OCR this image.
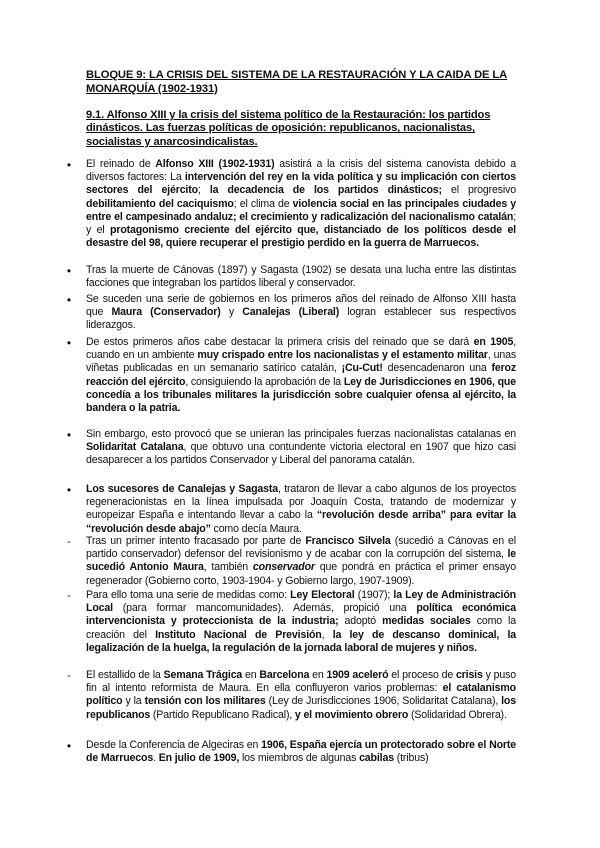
BLOQUE 9: LA CRISIS DEL SISTEMA DE LA RESTAURACIÓN Y LA CAIDA DE LA MONARQUÍA (1902-1931)
9.1. Alfonso XIII y la crisis del sistema político de la Restauración: los partidos dinásticos. Las fuerzas políticas de oposición: republicanos, nacionalistas, socialistas y anarcosindicalistas.
•	El reinado de Alfonso XIII (1902-1931) asistirá a la crisis del sistema canovista debido a diversos factores: La intervención del rey en la vida política y su implicación con ciertos sectores del ejército; la decadencia de los partidos dinásticos; el progresivo debilitamiento del caciquismo; el clima de violencia social en las principales ciudades y entre el campesinado andaluz; el crecimiento y radicalización del nacionalismo catalán; y el protagonismo creciente del ejército que, distanciado de los políticos desde el desastre del 98, quiere recuperar el prestigio perdido en la guerra de Marruecos.
•	Tras la muerte de Cánovas (1897) y Sagasta (1902) se desata una lucha entre las distintas facciones que integraban los partidos liberal y conservador.
•	Se suceden una serie de gobiernos en los primeros años del reinado de Alfonso XIII hasta que Maura (Conservador) y Canalejas (Liberal) logran establecer sus respectivos liderazgos.
•	De estos primeros años cabe destacar la primera crisis del reinado que se dará en 1905, cuando en un ambiente muy crispado entre los nacionalistas y el estamento militar, unas viñetas publicadas en un semanario satírico catalán, ¡Cu-Cut! desencadenaron una feroz reacción del ejército, consiguiendo la aprobación de la Ley de Jurisdicciones en 1906, que concedía a los tribunales militares la jurisdicción sobre cualquier ofensa al ejército, la bandera o la patria.
•	Sin embargo, esto provocó que se unieran las principales fuerzas nacionalistas catalanas en Solidaritat Catalana, que obtuvo una contundente victoria electoral en 1907 que hizo casi desaparecer a los partidos Conservador y Liberal del panorama catalán.
•	Los sucesores de Canalejas y Sagasta, trataron de llevar a cabo algunos de los proyectos regeneracionistas en la línea impulsada por Joaquín Costa, tratando de modernizar y europeizar España e intentando llevar a cabo la “revolución desde arriba” para evitar la “revolución desde abajo” como decía Maura.
-	Tras un primer intento fracasado por parte de Francisco Silvela (sucedió a Cánovas en el partido conservador) defensor del revisionismo y de acabar con la corrupción del sistema, le sucedió Antonio Maura, también conservador que pondrá en práctica el primer ensayo regenerador (Gobierno corto, 1903-1904- y Gobierno largo, 1907-1909).
-	Para ello toma una serie de medidas como: Ley Electoral (1907); la Ley de Administración Local (para formar mancomunidades). Además, propició una política económica intervencionista y proteccionista de la industria; adoptó medidas sociales como la creación del Instituto Nacional de Previsión, la ley de descanso dominical, la legalización de la huelga, la regulación de la jornada laboral de mujeres y niños.
-	El estallido de la Semana Trágica en Barcelona en 1909 aceleró el proceso de crisis y puso fin al intento reformista de Maura. En ella confluyeron varios problemas: el catalanismo político y la tensión con los militares (Ley de Jurisdicciones 1906, Solidaritat Catalana), los republicanos (Partido Republicano Radical), y el movimiento obrero (Solidaridad Obrera).
•	Desde la Conferencia de Algeciras en 1906, España ejercía un protectorado sobre el Norte de Marruecos. En julio de 1909, los miembros de algunas cabilas (tribus)
